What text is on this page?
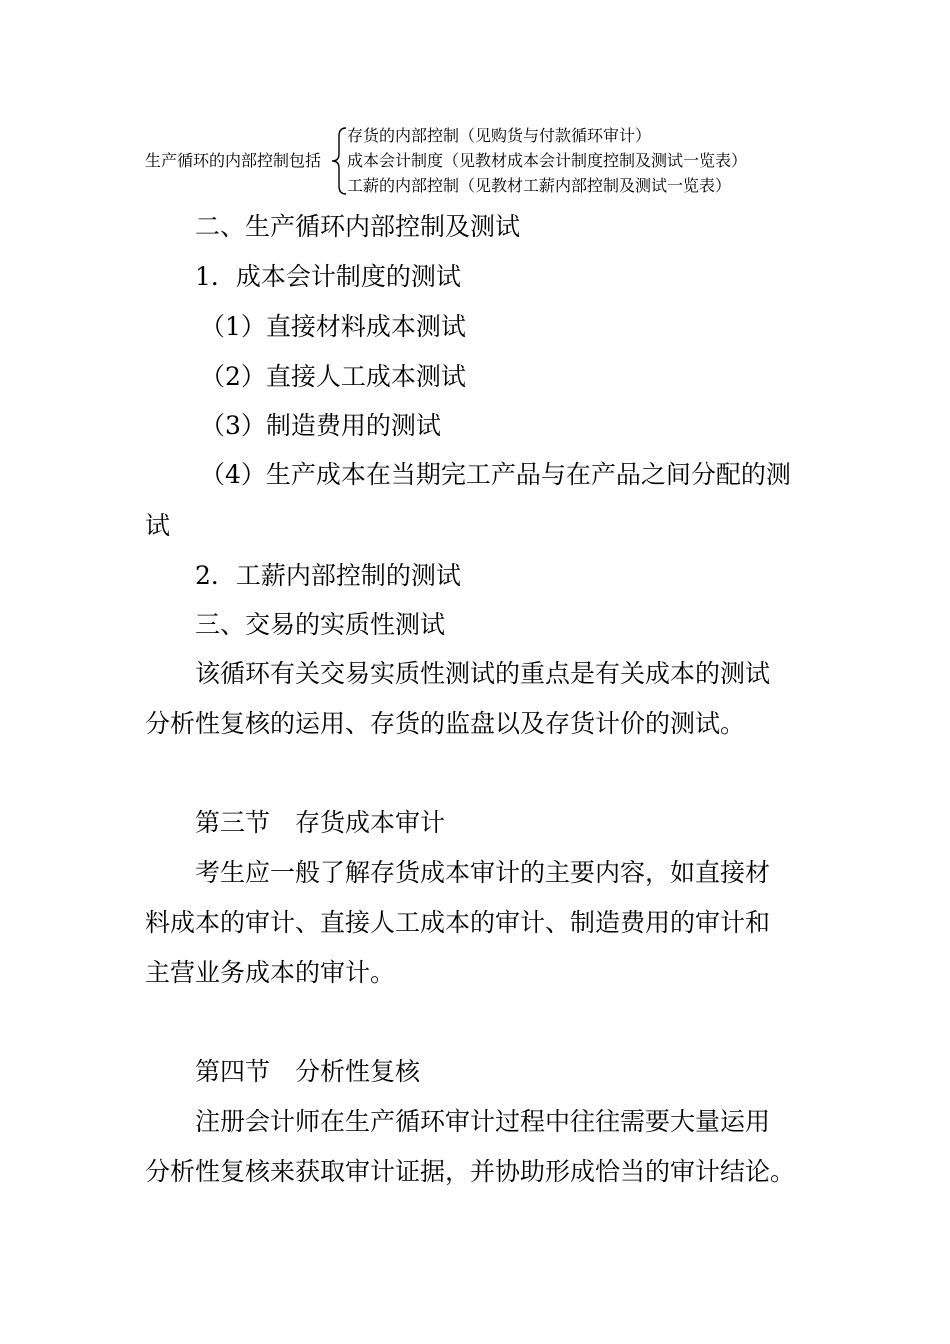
生产循环的内部控制包括
存货的内部控制（见购货与付款循环审计）
成本会计制度（见教材成本会计制度控制及测试一览表）
工薪的内部控制（见教材工薪内部控制及测试一览表）
二、生产循环内部控制及测试
1．成本会计制度的测试
（1）直接材料成本测试
（2）直接人工成本测试
（3）制造费用的测试
（4）生产成本在当期完工产品与在产品之间分配的测
试
2．工薪内部控制的测试
三、交易的实质性测试
该循环有关交易实质性测试的重点是有关成本的测试
分析性复核的运用、存货的监盘以及存货计价的测试。
第三节　存货成本审计
考生应一般了解存货成本审计的主要内容，如直接材
料成本的审计、直接人工成本的审计、制造费用的审计和
主营业务成本的审计。
第四节　分析性复核
注册会计师在生产循环审计过程中往往需要大量运用
分析性复核来获取审计证据，并协助形成恰当的审计结论。
